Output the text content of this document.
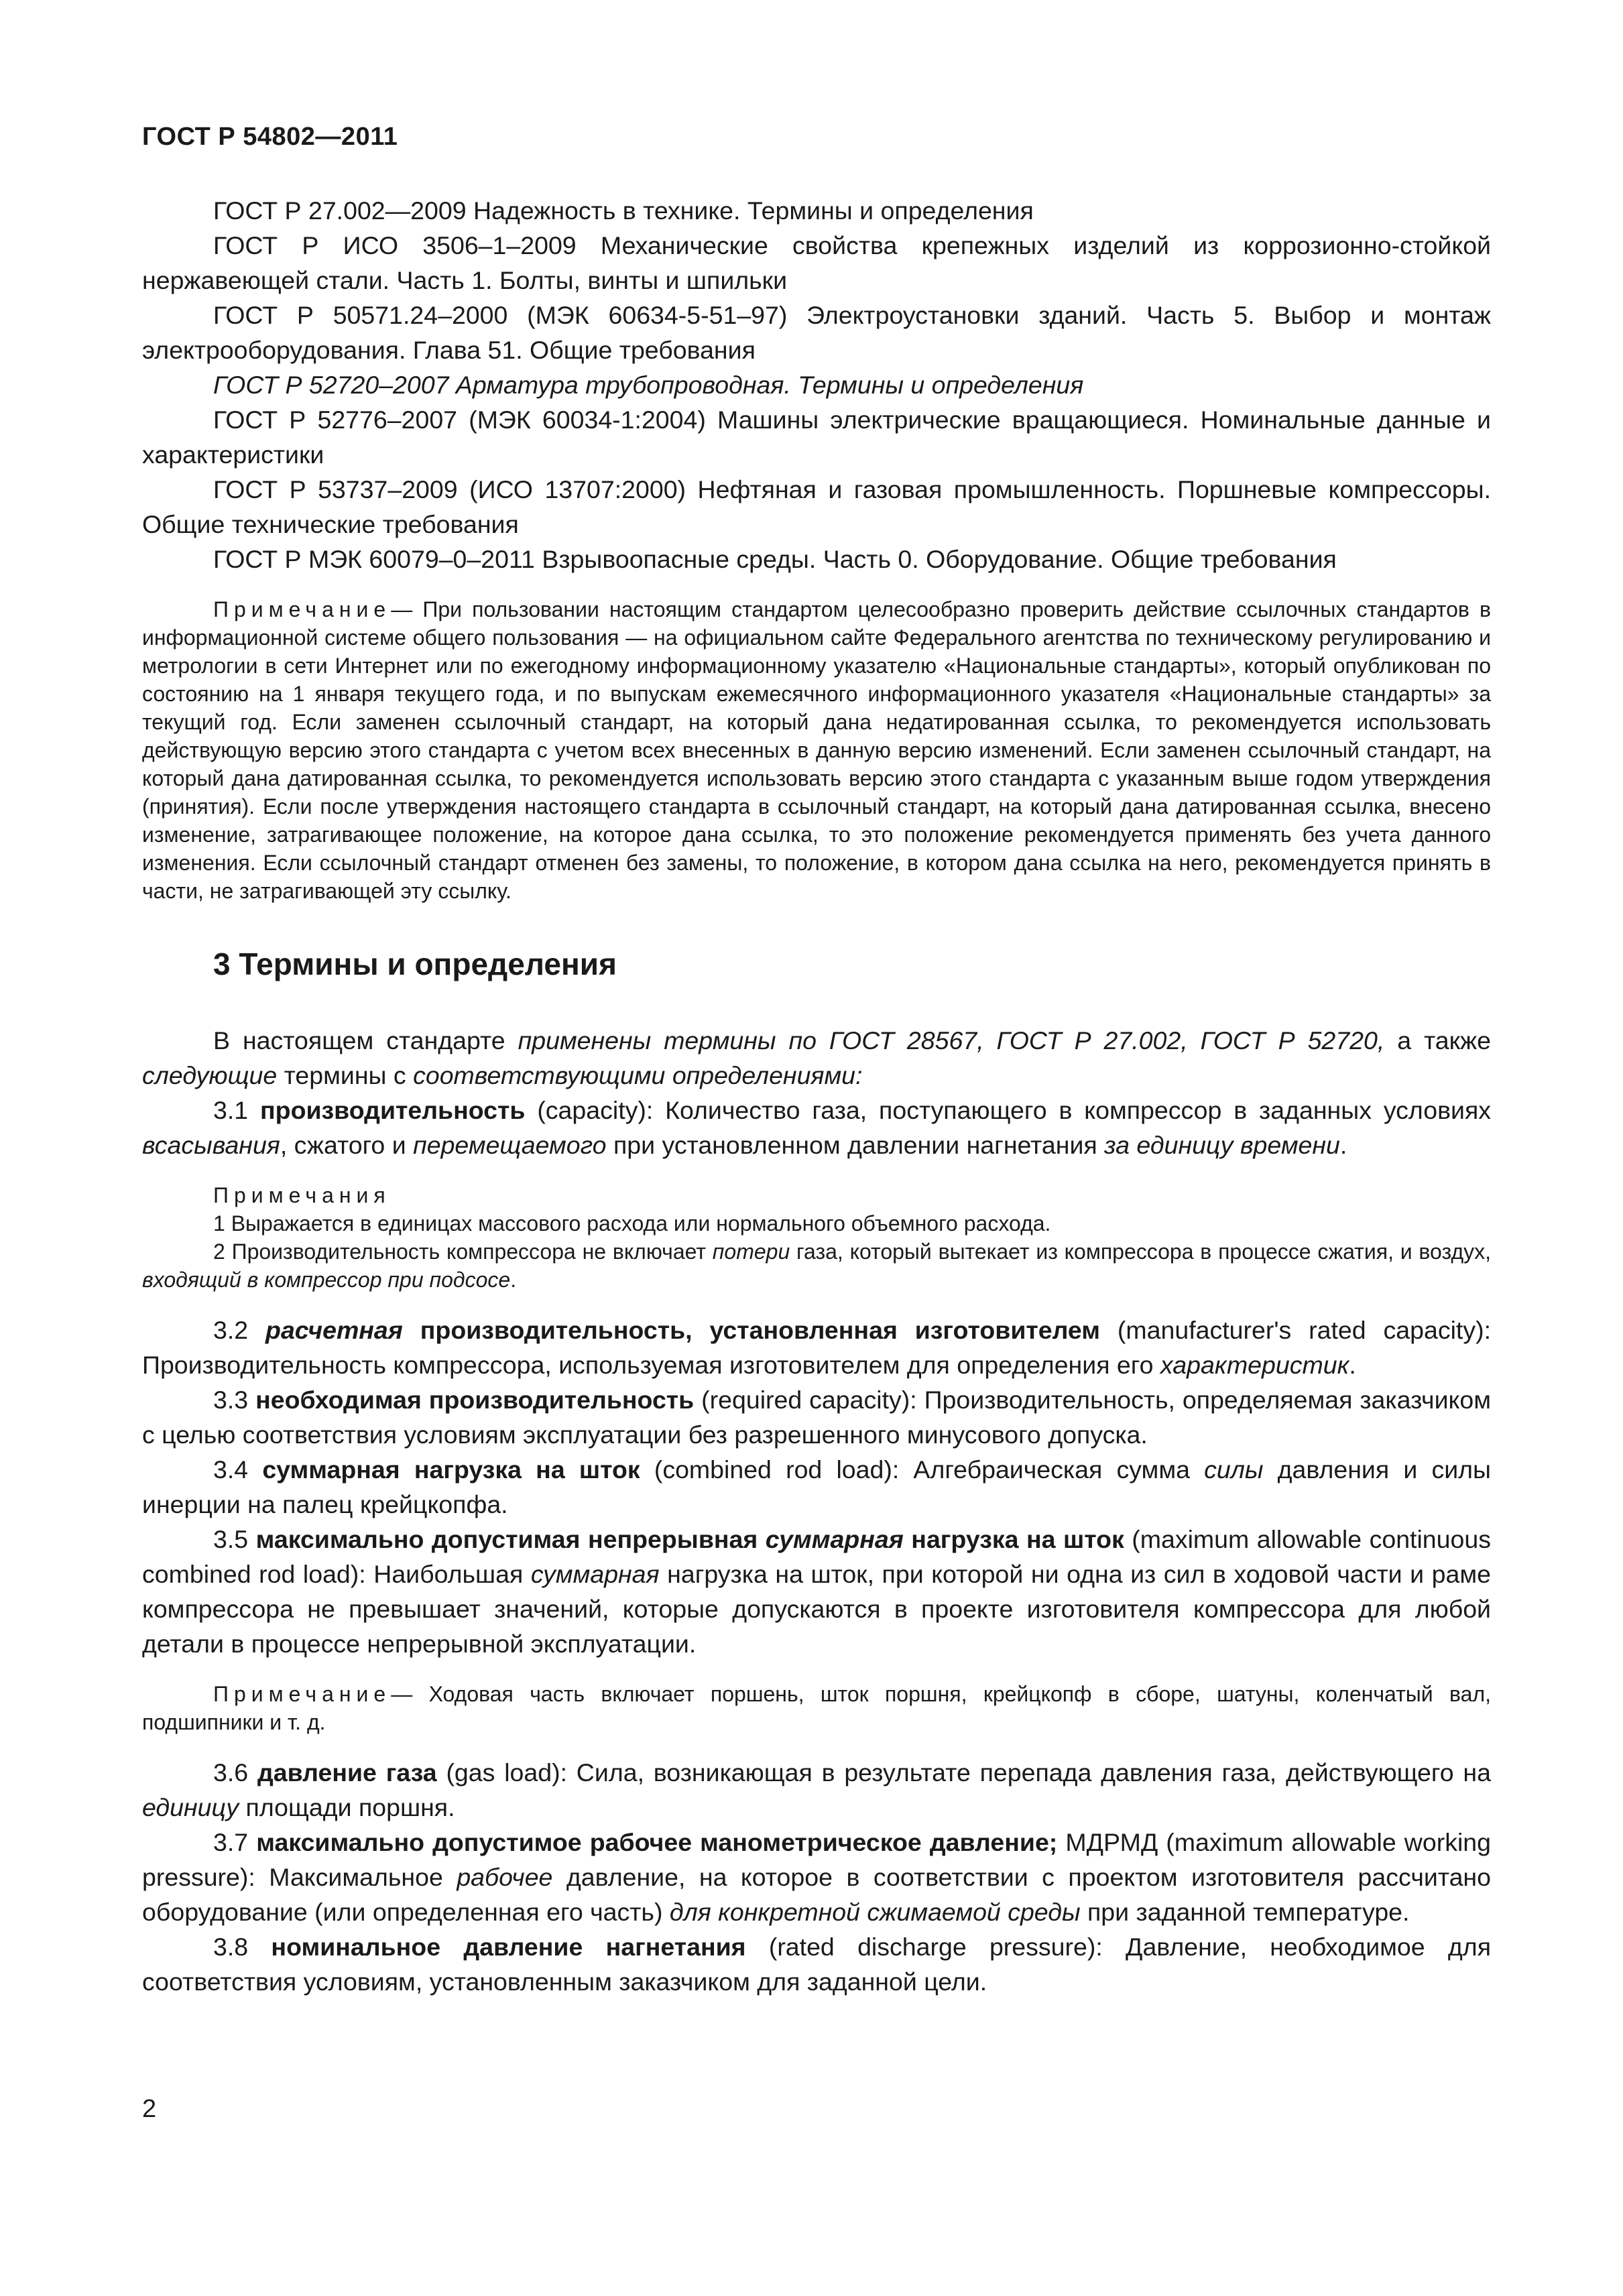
ГОСТ Р 54802—2011

ГОСТ Р 27.002—2009 Надежность в технике. Термины и определения

ГОСТ Р ИСО 3506–1–2009 Механические свойства крепежных изделий из коррозионно-стойкой нержавеющей стали. Часть 1. Болты, винты и шпильки

ГОСТ Р 50571.24–2000 (МЭК 60634-5-51–97) Электроустановки зданий. Часть 5. Выбор и монтаж электрооборудования. Глава 51. Общие требования

ГОСТ Р 52720–2007 Арматура трубопроводная. Термины и определения

ГОСТ Р 52776–2007 (МЭК 60034-1:2004) Машины электрические вращающиеся. Номинальные данные и характеристики

ГОСТ Р 53737–2009 (ИСО 13707:2000) Нефтяная и газовая промышленность. Поршневые компрессоры. Общие технические требования

ГОСТ Р МЭК 60079–0–2011 Взрывоопасные среды. Часть 0. Оборудование. Общие требования

Примечание— При пользовании настоящим стандартом целесообразно проверить действие ссылочных стандартов в информационной системе общего пользования — на официальном сайте Федерального агентства по техническому регулированию и метрологии в сети Интернет или по ежегодному информационному указателю «Национальные стандарты», который опубликован по состоянию на 1 января текущего года, и по выпускам ежемесячного информационного указателя «Национальные стандарты» за текущий год. Если заменен ссылочный стандарт, на который дана недатированная ссылка, то рекомендуется использовать действующую версию этого стандарта с учетом всех внесенных в данную версию изменений. Если заменен ссылочный стандарт, на который дана датированная ссылка, то рекомендуется использовать версию этого стандарта с указанным выше годом утверждения (принятия). Если после утверждения настоящего стандарта в ссылочный стандарт, на который дана датированная ссылка, внесено изменение, затрагивающее положение, на которое дана ссылка, то это положение рекомендуется применять без учета данного изменения. Если ссылочный стандарт отменен без замены, то положение, в котором дана ссылка на него, рекомендуется принять в части, не затрагивающей эту ссылку.

3 Термины и определения

В настоящем стандарте применены термины по ГОСТ 28567, ГОСТ Р 27.002, ГОСТ Р 52720, а также следующие термины с соответствующими определениями:

3.1 производительность (capacity): Количество газа, поступающего в компрессор в заданных условиях всасывания, сжатого и перемещаемого при установленном давлении нагнетания за единицу времени.

Примечания

1 Выражается в единицах массового расхода или нормального объемного расхода.

2 Производительность компрессора не включает потери газа, который вытекает из компрессора в процессе сжатия, и воздух, входящий в компрессор при подсосе.

3.2 расчетная производительность, установленная изготовителем (manufacturer's rated capacity): Производительность компрессора, используемая изготовителем для определения его характеристик.

3.3 необходимая производительность (required capacity): Производительность, определяемая заказчиком с целью соответствия условиям эксплуатации без разрешенного минусового допуска.

3.4 суммарная нагрузка на шток (combined rod load): Алгебраическая сумма силы давления и силы инерции на палец крейцкопфа.

3.5 максимально допустимая непрерывная суммарная нагрузка на шток (maximum allowable continuous combined rod load): Наибольшая суммарная нагрузка на шток, при которой ни одна из сил в ходовой части и раме компрессора не превышает значений, которые допускаются в проекте изготовителя компрессора для любой детали в процессе непрерывной эксплуатации.

Примечание— Ходовая часть включает поршень, шток поршня, крейцкопф в сборе, шатуны, коленчатый вал, подшипники и т. д.

3.6 давление газа (gas load): Сила, возникающая в результате перепада давления газа, действующего на единицу площади поршня.

3.7 максимально допустимое рабочее манометрическое давление; МДРМД (maximum allowable working pressure): Максимальное рабочее давление, на которое в соответствии с проектом изготовителя рассчитано оборудование (или определенная его часть) для конкретной сжимаемой среды при заданной температуре.

3.8 номинальное давление нагнетания (rated discharge pressure): Давление, необходимое для соответствия условиям, установленным заказчиком для заданной цели.

2
